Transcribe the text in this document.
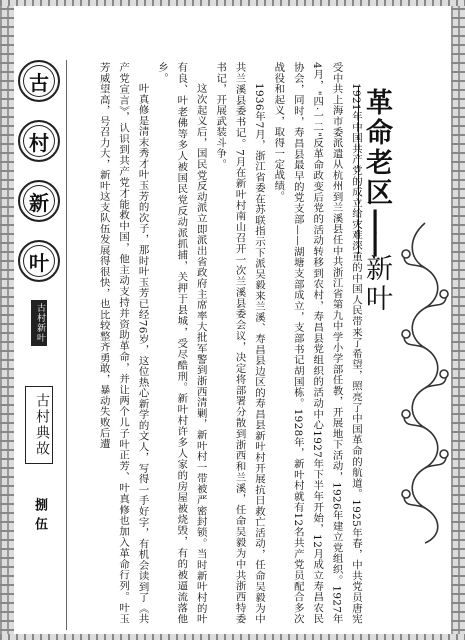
古
村
新
叶
古村新叶
古村典故
捌伍
革命老区——新叶

1921年中国共产党的成立给灾难深重的中国人民带来了希望，照亮了中国革命的航道。1925年春，中共党员唐宪受中共上海市委派遣从杭州到兰溪县任中共浙江省第九中学小学部任教，开展地下活动，1926年建立党组织。1927年4月，"四·一二"反革命政变后党的活动转移到农村，寿昌县党组织的活动中心1927年下半年开始，12月成立寿昌农民协会，同时，寿昌县最早的党支部——湖塘支部成立，支部书记胡国栋。1928年，新叶村就有12名共产党员配合多次战役和起义，取得一定战绩。

1936年7月，浙江省委在苏联指示下派吴毅来兰溪、寿昌县边区的寿昌县新叶村开展抗日救亡活动，任命吴毅为中共兰溪县委书记。7月在新叶村南山召开一次兰溪县委会议，决定将部署分散到浙西和兰溪，任命吴毅为中共浙西特委书记，开展武装斗争。

这次起义后，国民党反动派立即派出省政府主席率大批军警到浙西清剿，新叶村一带被严密封锁。当时新叶村的叶有良、叶老佛等多人被国民党反动派抓捕，关押于县城，受尽酷刑。新叶村许多人家的房屋被烧毁，有的被逼流落他乡。

叶真修是清末秀才叶玉芳的次子，那时叶玉芳已经76岁，这位热心新学的文人，写得一手好字，有机会读到了《共产党宣言》，认识到共产党才能救中国，他主动支持并资助革命，并让两个儿子叶正芳、叶真修也加入革命行列。叶玉芳威望高，号召力大，新叶这支队伍发展得很快，也比较整齐勇敢，暴动失败后遭
